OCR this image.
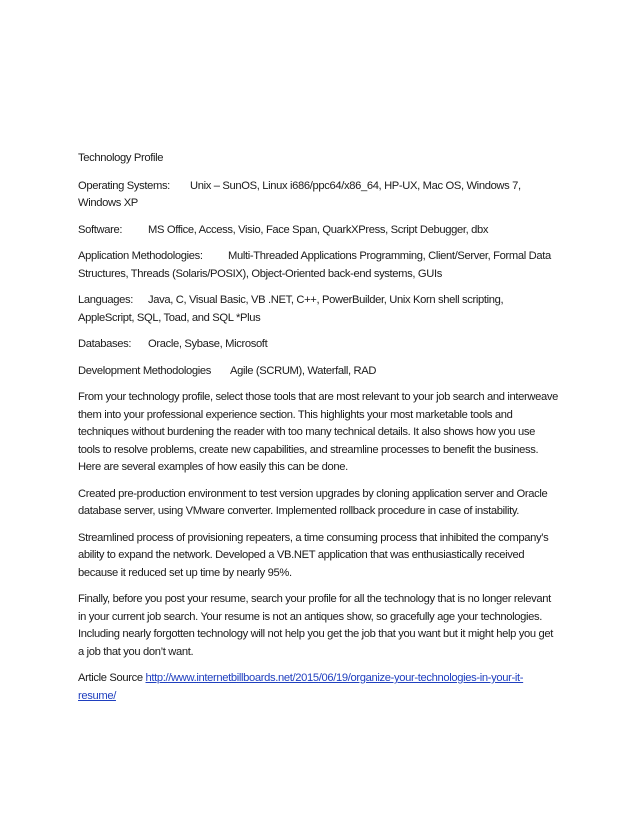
Technology Profile

Operating Systems: Unix – SunOS, Linux i686/ppc64/x86_64, HP-UX, Mac OS, Windows 7, Windows XP

Software: MS Office, Access, Visio, Face Span, QuarkXPress, Script Debugger, dbx

Application Methodologies: Multi-Threaded Applications Programming, Client/Server, Formal Data Structures, Threads (Solaris/POSIX), Object-Oriented back-end systems, GUIs

Languages: Java, C, Visual Basic, VB .NET, C++, PowerBuilder, Unix Korn shell scripting, AppleScript, SQL, Toad, and SQL *Plus

Databases: Oracle, Sybase, Microsoft

Development Methodologies Agile (SCRUM), Waterfall, RAD

From your technology profile, select those tools that are most relevant to your job search and interweave them into your professional experience section. This highlights your most marketable tools and techniques without burdening the reader with too many technical details. It also shows how you use tools to resolve problems, create new capabilities, and streamline processes to benefit the business. Here are several examples of how easily this can be done.

Created pre-production environment to test version upgrades by cloning application server and Oracle database server, using VMware converter. Implemented rollback procedure in case of instability.

Streamlined process of provisioning repeaters, a time consuming process that inhibited the company’s ability to expand the network. Developed a VB.NET application that was enthusiastically received because it reduced set up time by nearly 95%.

Finally, before you post your resume, search your profile for all the technology that is no longer relevant in your current job search. Your resume is not an antiques show, so gracefully age your technologies. Including nearly forgotten technology will not help you get the job that you want but it might help you get a job that you don’t want.

Article Source http://www.internetbillboards.net/2015/06/19/organize-your-technologies-in-your-it-resume/
